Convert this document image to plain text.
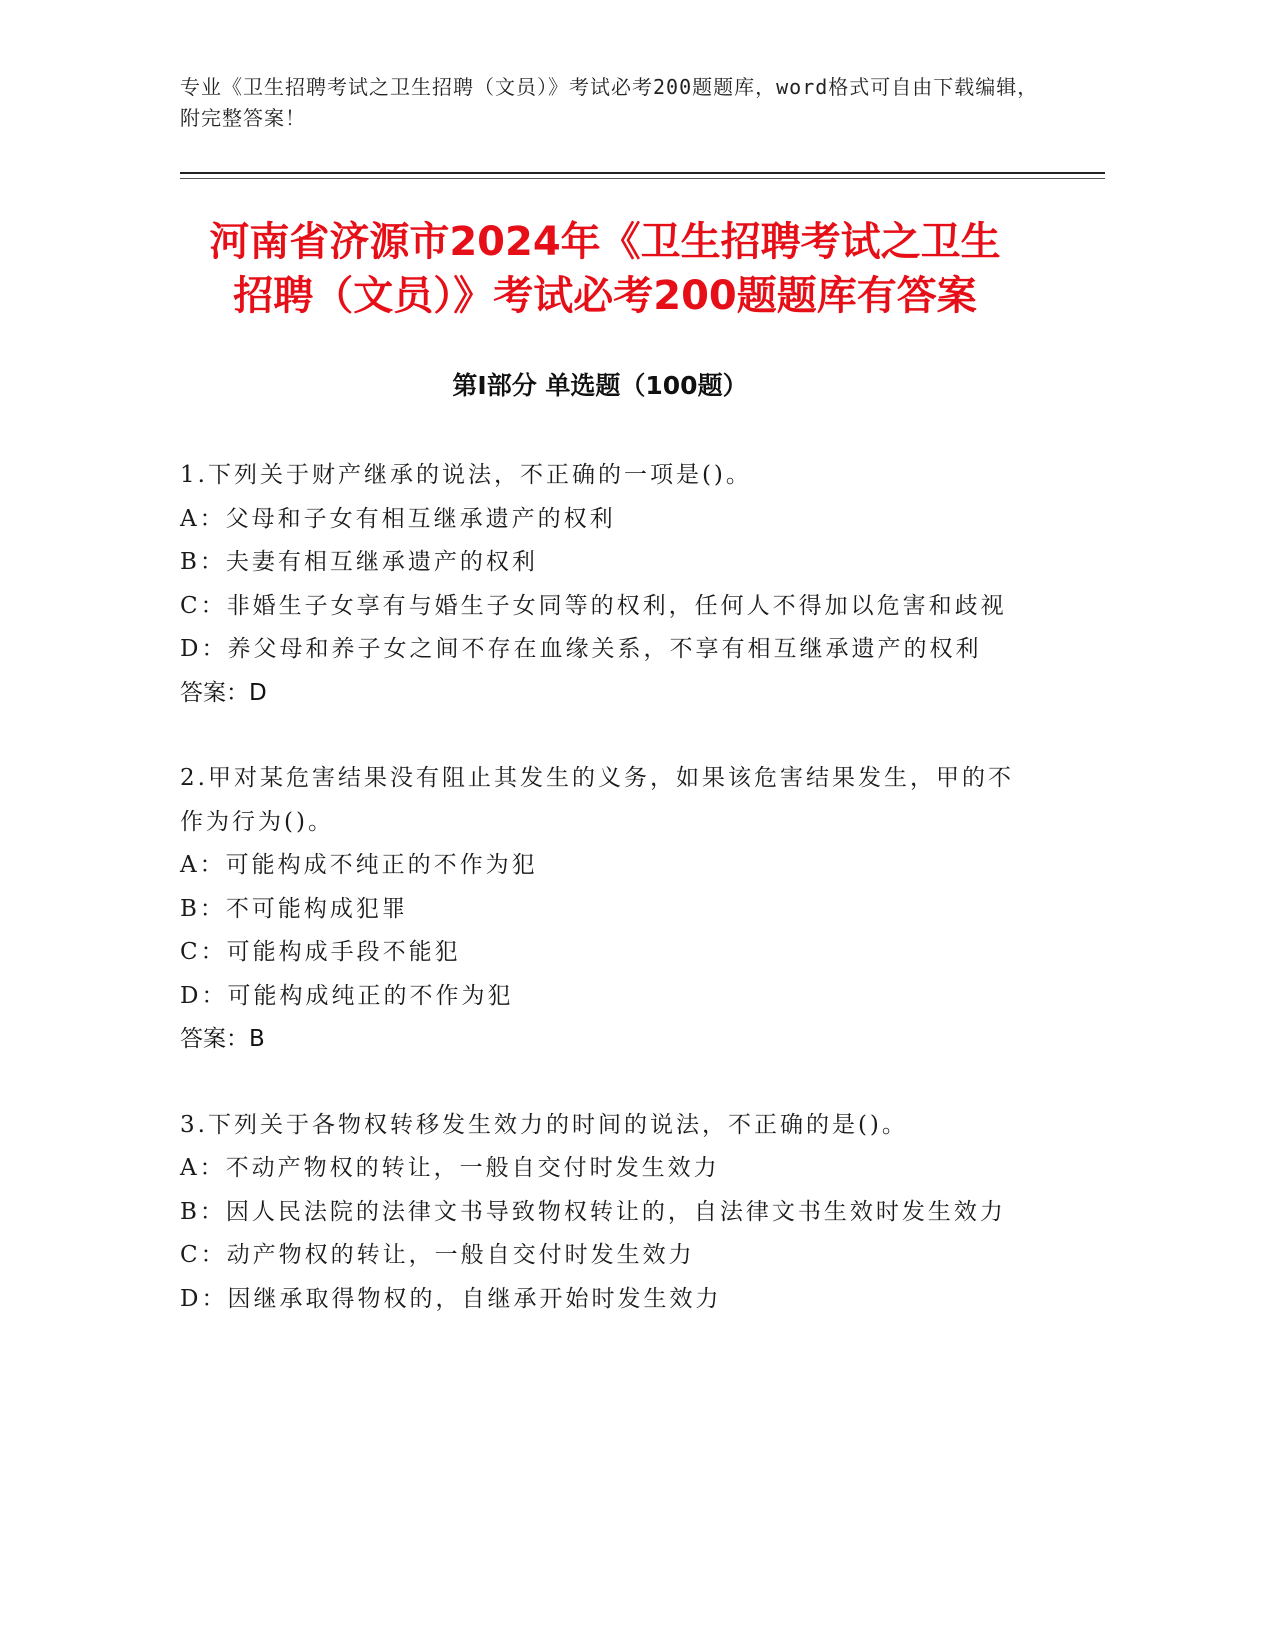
专业《卫生招聘考试之卫生招聘（文员）》考试必考200题题库，word格式可自由下载编辑，附完整答案！
河南省济源市2024年《卫生招聘考试之卫生
招聘（文员）》考试必考200题题库有答案
第Ⅰ部分 单选题（100题）
1.下列关于财产继承的说法，不正确的一项是()。
A：父母和子女有相互继承遗产的权利
B：夫妻有相互继承遗产的权利
C：非婚生子女享有与婚生子女同等的权利，任何人不得加以危害和歧视
D：养父母和养子女之间不存在血缘关系，不享有相互继承遗产的权利
答案：D
2.甲对某危害结果没有阻止其发生的义务，如果该危害结果发生，甲的不作为行为()。
A：可能构成不纯正的不作为犯
B：不可能构成犯罪
C：可能构成手段不能犯
D：可能构成纯正的不作为犯
答案：B
3.下列关于各物权转移发生效力的时间的说法，不正确的是()。
A：不动产物权的转让，一般自交付时发生效力
B：因人民法院的法律文书导致物权转让的，自法律文书生效时发生效力
C：动产物权的转让，一般自交付时发生效力
D：因继承取得物权的，自继承开始时发生效力
